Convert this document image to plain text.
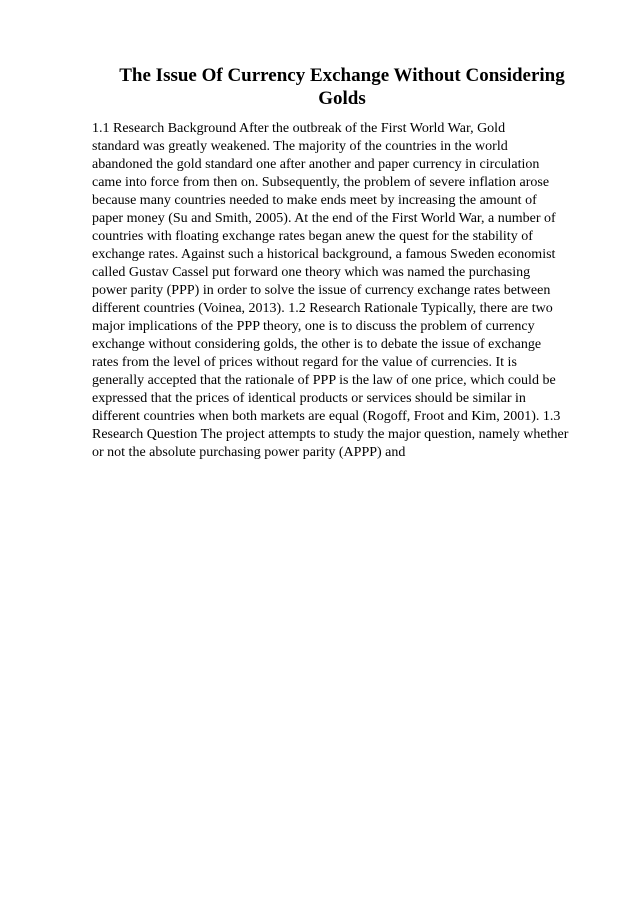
The Issue Of Currency Exchange Without Considering
Golds
1.1 Research Background After the outbreak of the First World War, Gold
standard was greatly weakened. The majority of the countries in the world
abandoned the gold standard one after another and paper currency in circulation
came into force from then on. Subsequently, the problem of severe inflation arose
because many countries needed to make ends meet by increasing the amount of
paper money (Su and Smith, 2005). At the end of the First World War, a number of
countries with floating exchange rates began anew the quest for the stability of
exchange rates. Against such a historical background, a famous Sweden economist
called Gustav Cassel put forward one theory which was named the purchasing
power parity (PPP) in order to solve the issue of currency exchange rates between
different countries (Voinea, 2013). 1.2 Research Rationale Typically, there are two
major implications of the PPP theory, one is to discuss the problem of currency
exchange without considering golds, the other is to debate the issue of exchange
rates from the level of prices without regard for the value of currencies. It is
generally accepted that the rationale of PPP is the law of one price, which could be
expressed that the prices of identical products or services should be similar in
different countries when both markets are equal (Rogoff, Froot and Kim, 2001). 1.3
Research Question The project attempts to study the major question, namely whether
or not the absolute purchasing power parity (APPP) and
